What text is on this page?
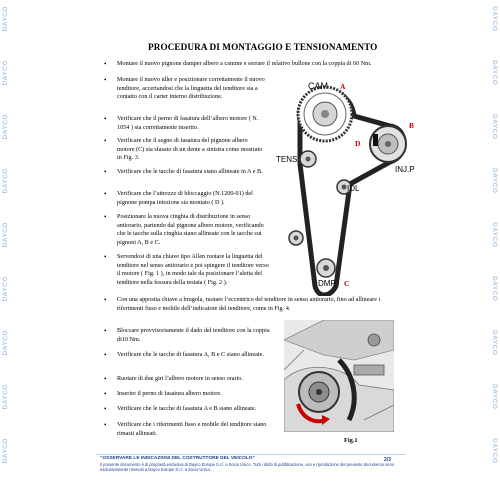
DAYCO
DAYCO
DAYCO
DAYCO
DAYCO
DAYCO
DAYCO
DAYCO
DAYCO
DAYCO
DAYCO
DAYCO
DAYCO
DAYCO
DAYCO
DAYCO
DAYCO
DAYCO
PROCEDURA DI MONTAGGIO E TENSIONAMENTO
• Montare il nuovo pignone damper albero a camme e serrare il relativo bullone con la coppia di 60 Nm.
• Montare il nuovo idler e posizionare correttamente il nuovo tenditore, accertandosi che la linguetta del tenditore sia a contatto con il carter interno distribuzione.
• Verificare che il perno di fasatura dell’albero motore ( N. 1054 ) sia correttamente inserito.
• Verificare che il segno di fasatura del pignone albero motore (C) sia sfasato di un dente a sinistra come mostrato in Fig. 3.
• Verificare che le tacche di fasatura siano allineate in A e B.
• Verificare che l’attrezzo di bloccaggio (N.1200-01) del pignone pompa iniezione sia montato ( D ).
• Posizionare la nuova cinghia di distribuzione in senso antiorario, partendo dal pignone albero motore, verificando che le tacche sulla cinghia siano allineate con le tacche sui pignoni A, B e C.
• Servendosi di una chiave tipo Allen ruotare la linguetta del tenditore nel senso antiorario e poi spingere il tenditore verso il motore ( Fig. 1 ), in modo tale da posizionare l’aletta del tenditore nella fessura della testata ( Fig. 2 ).
• Con una apposita chiave a brugola, ruotare l’eccentrico del tenditore in senso antiorario, fino ad allineare i riferimenti fisso e mobile dell’indicatore del tenditore, come in Fig. 4.
• Bloccare provvisoriamente il dado del tenditore con la coppia di10 Nm.
• Verificare che le tacche di fasatura A, B e C siano allineate.
• Ruotare di due giri l’albero motore in senso orario.
• Inserire il perno di fasatura albero motore.
• Verificare che le tacche di fasatura A e B siano allineate.
• Verificare che i riferimenti fisso e mobile del tenditore siano rimasti allineati.
CAM A
B
D
INJ.P
TENS
IDL
DMP C
Fig.1
“OSSERVARE LE INDICAZIONI DEL COSTRUTTORE DEL VEICOLO”
Il presente documento è di proprietà esclusiva di Dayco Europe S.r.l. a Socio Unico. Tutti i diritti di pubblicazione, uso e riproduzione del presente documento sono esclusivamente riservati a Dayco Europe S.r.l. a Socio Unico.
2/3
